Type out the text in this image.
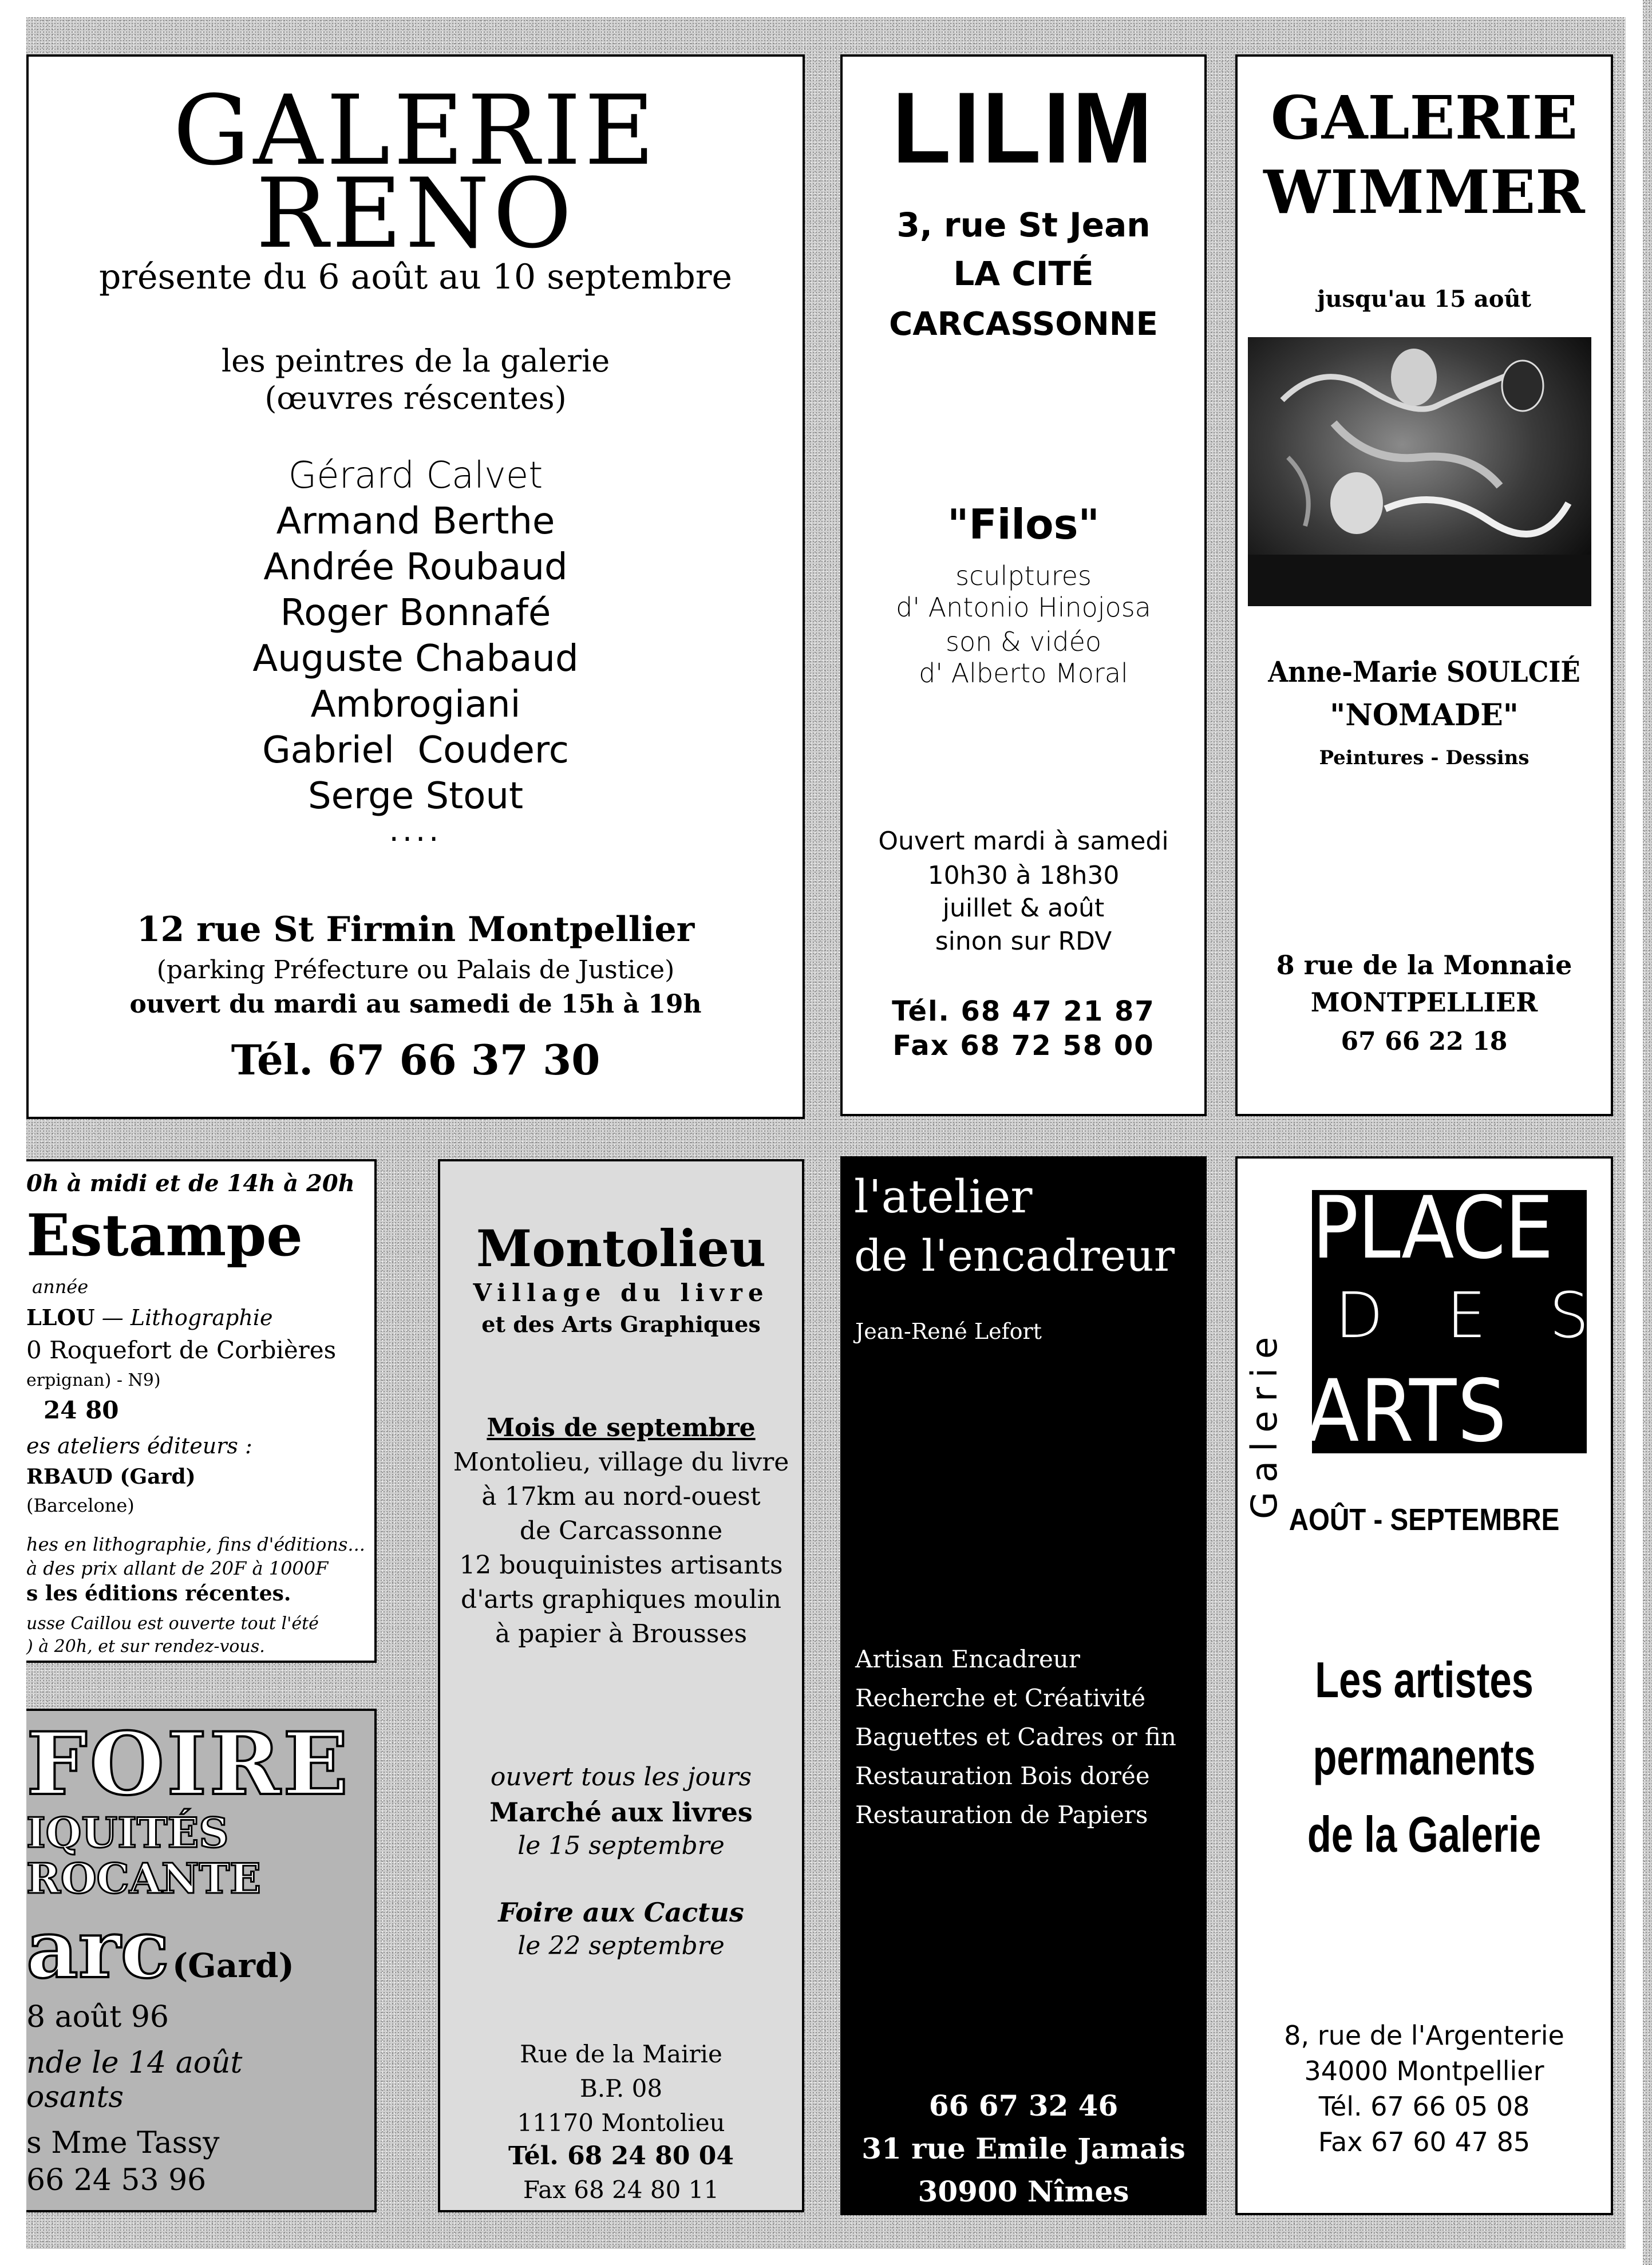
GALERIE
RENO
présente du 6 août au 10 septembre
les peintres de la galerie
(œuvres réscentes)
Gérard Calvet
Armand Berthe
Andrée Roubaud
Roger Bonnafé
Auguste Chabaud
Ambrogiani
Gabriel  Couderc
Serge Stout
....
12 rue St Firmin Montpellier
(parking Préfecture ou Palais de Justice)
ouvert du mardi au samedi de 15h à 19h
Tél. 67 66 37 30
LILIM
3, rue St Jean
LA CITÉ
CARCASSONNE
"Filos"
sculptures
d' Antonio Hinojosa
son & vidéo
d' Alberto Moral
Ouvert mardi à samedi
10h30 à 18h30
juillet & août
sinon sur RDV
Tél. 68 47 21 87
Fax 68 72 58 00
GALERIE
WIMMER
jusqu'au 15 août
Anne-Marie SOULCIÉ
"NOMADE"
Peintures - Dessins
8 rue de la Monnaie
MONTPELLIER
67 66 22 18
0h à midi et de 14h à 20h
Estampe
année
LLOU — Lithographie
0 Roquefort de Corbières
erpignan) - N9)
24 80
es ateliers éditeurs :
RBAUD (Gard)
(Barcelone)
hes en lithographie, fins d'éditions...
à des prix allant de 20F à 1000F
s les éditions récentes.
usse Caillou est ouverte tout l'été
) à 20h, et sur rendez-vous.
FOIRE
IQUITÉS
ROCANTE
arc (Gard)
8 août 96
nde le 14 août
osants
s Mme Tassy
66 24 53 96
Montolieu
Village du livre
et des Arts Graphiques
Mois de septembre
Montolieu, village du livre
à 17km au nord-ouest
de Carcassonne
12 bouquinistes artisants
d'arts graphiques moulin
à papier à Brousses
ouvert tous les jours
Marché aux livres
le 15 septembre
Foire aux Cactus
le 22 septembre
Rue de la Mairie
B.P. 08
11170 Montolieu
Tél. 68 24 80 04
Fax 68 24 80 11
l'atelier
de l'encadreur
Jean-René Lefort
Artisan Encadreur
Recherche et Créativité
Baguettes et Cadres or fin
Restauration Bois dorée
Restauration de Papiers
66 67 32 46
31 rue Emile Jamais
30900 Nîmes
Galerie
PLACE
DES
ARTS
AOÛT - SEPTEMBRE
Les artistes
permanents
de la Galerie
8, rue de l'Argenterie
34000 Montpellier
Tél. 67 66 05 08
Fax 67 60 47 85
